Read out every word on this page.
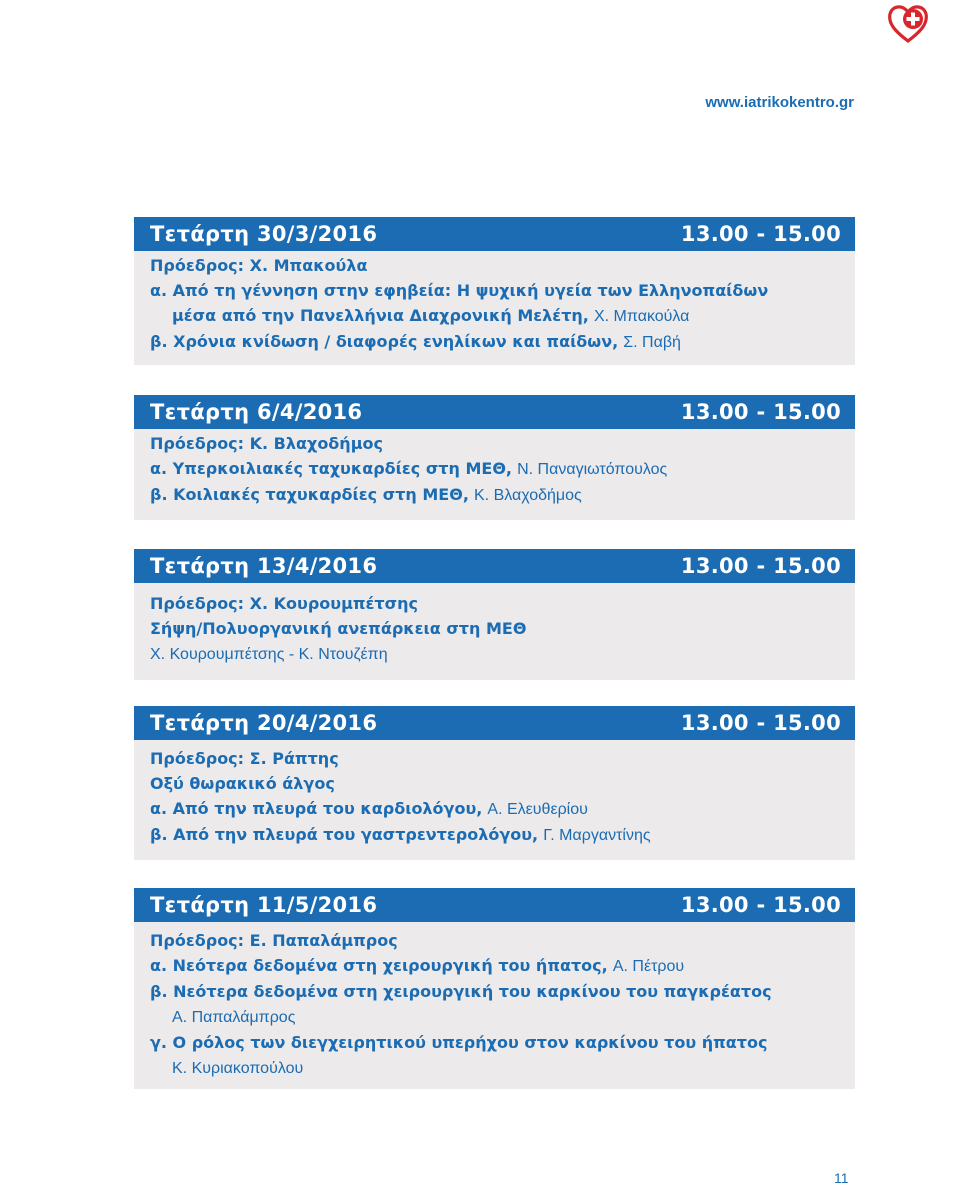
www.iatrikokentro.gr
Τετάρτη 30/3/2016	13.00 - 15.00
Πρόεδρος: Χ. Μπακούλα
α. Από τη γέννηση στην εφηβεία: Η ψυχική υγεία των Ελληνοπαίδων
μέσα από την Πανελλήνια Διαχρονική Μελέτη, Χ. Μπακούλα
β. Χρόνια κνίδωση / διαφορές ενηλίκων και παίδων, Σ. Παβή
Τετάρτη 6/4/2016	13.00 - 15.00
Πρόεδρος: Κ. Βλαχοδήμος
α. Υπερκοιλιακές ταχυκαρδίες στη ΜΕΘ, Ν. Παναγιωτόπουλος
β. Κοιλιακές ταχυκαρδίες στη ΜΕΘ, Κ. Βλαχοδήμος
Τετάρτη 13/4/2016	13.00 - 15.00
Πρόεδρος: Χ. Κουρουμπέτσης
Σήψη/Πολυοργανική ανεπάρκεια στη ΜΕΘ
Χ. Κουρουμπέτσης - Κ. Ντουζέπη
Τετάρτη 20/4/2016	13.00 - 15.00
Πρόεδρος: Σ. Ράπτης
Οξύ θωρακικό άλγος
α. Από την πλευρά του καρδιολόγου, Α. Ελευθερίου
β. Από την πλευρά του γαστρεντερολόγου, Γ. Μαργαντίνης
Τετάρτη 11/5/2016	13.00 - 15.00
Πρόεδρος: Ε. Παπαλάμπρος
α. Νεότερα δεδομένα στη χειρουργική του ήπατος, Α. Πέτρου
β. Νεότερα δεδομένα στη χειρουργική του καρκίνου του παγκρέατος
Α. Παπαλάμπρος
γ. Ο ρόλος των διεγχειρητικού υπερήχου στον καρκίνου του ήπατος
Κ. Κυριακοπούλου
11
